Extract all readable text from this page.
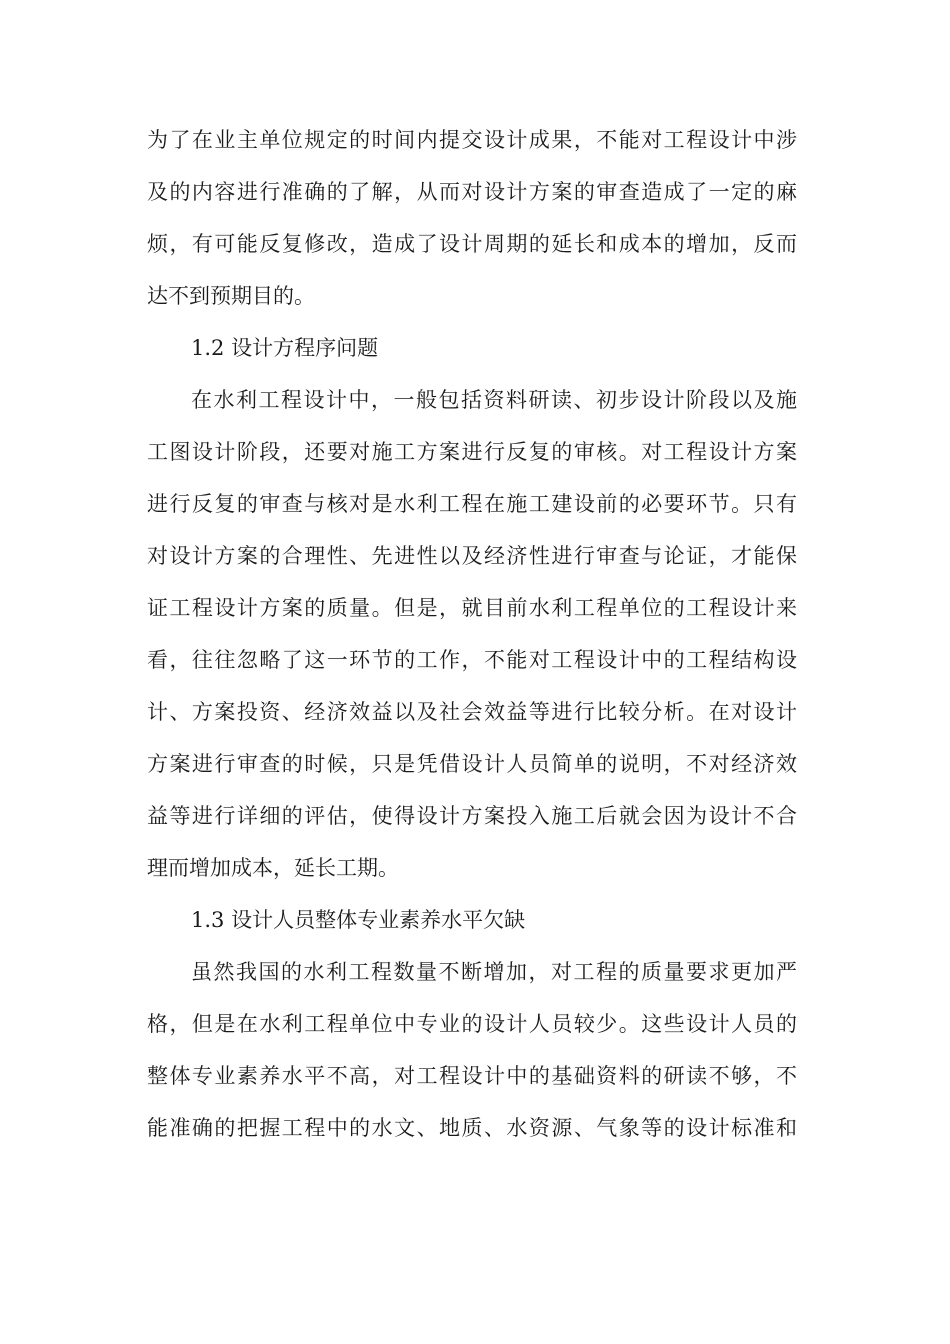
为了在业主单位规定的时间内提交设计成果，不能对工程设计中涉
及的内容进行准确的了解，从而对设计方案的审查造成了一定的麻
烦，有可能反复修改，造成了设计周期的延长和成本的增加，反而
达不到预期目的。
1.2 设计方程序问题
在水利工程设计中，一般包括资料研读、初步设计阶段以及施
工图设计阶段，还要对施工方案进行反复的审核。对工程设计方案
进行反复的审查与核对是水利工程在施工建设前的必要环节。只有
对设计方案的合理性、先进性以及经济性进行审查与论证，才能保
证工程设计方案的质量。但是，就目前水利工程单位的工程设计来
看，往往忽略了这一环节的工作，不能对工程设计中的工程结构设
计、方案投资、经济效益以及社会效益等进行比较分析。在对设计
方案进行审查的时候，只是凭借设计人员简单的说明，不对经济效
益等进行详细的评估，使得设计方案投入施工后就会因为设计不合
理而增加成本，延长工期。
1.3 设计人员整体专业素养水平欠缺
虽然我国的水利工程数量不断增加，对工程的质量要求更加严
格，但是在水利工程单位中专业的设计人员较少。这些设计人员的
整体专业素养水平不高，对工程设计中的基础资料的研读不够，不
能准确的把握工程中的水文、地质、水资源、气象等的设计标准和
